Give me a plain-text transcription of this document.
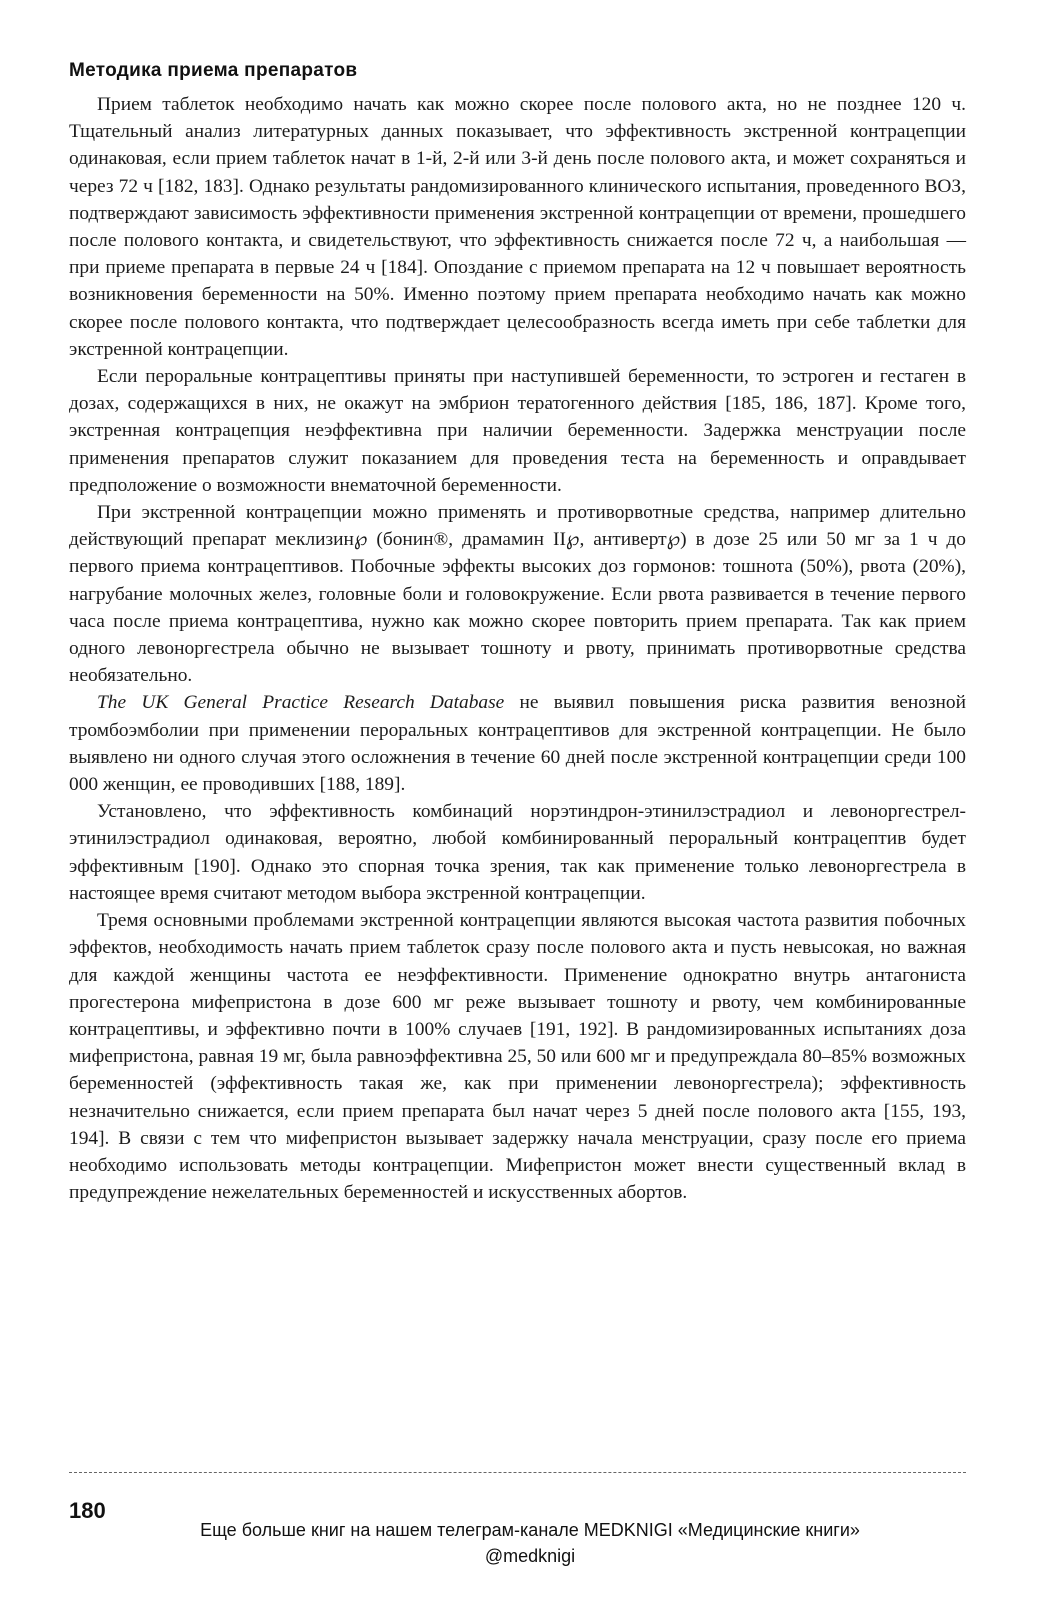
Методика приема препаратов

Прием таблеток необходимо начать как можно скорее после полового акта, но не позднее 120 ч. Тщательный анализ литературных данных показывает, что эффективность экстренной контрацепции одинаковая, если прием таблеток начат в 1-й, 2-й или 3-й день после полового акта, и может сохраняться и через 72 ч [182, 183]. Однако результаты рандомизированного клинического испытания, проведенного ВОЗ, подтверждают зависимость эффективности применения экстренной контрацепции от времени, прошедшего после полового контакта, и свидетельствуют, что эффективность снижается после 72 ч, а наибольшая — при приеме препарата в первые 24 ч [184]. Опоздание с приемом препарата на 12 ч повышает вероятность возникновения беременности на 50%. Именно поэтому прием препарата необходимо начать как можно скорее после полового контакта, что подтверждает целесообразность всегда иметь при себе таблетки для экстренной контрацепции.

Если пероральные контрацептивы приняты при наступившей беременности, то эстроген и гестаген в дозах, содержащихся в них, не окажут на эмбрион тератогенного действия [185, 186, 187]. Кроме того, экстренная контрацепция неэффективна при наличии беременности. Задержка менструации после применения препаратов служит показанием для проведения теста на беременность и оправдывает предположение о возможности внематочной беременности.

При экстренной контрацепции можно применять и противорвотные средства, например длительно действующий препарат меклизин℘ (бонин®, драмамин II℘, антиверт℘) в дозе 25 или 50 мг за 1 ч до первого приема контрацептивов. Побочные эффекты высоких доз гормонов: тошнота (50%), рвота (20%), нагрубание молочных желез, головные боли и головокружение. Если рвота развивается в течение первого часа после приема контрацептива, нужно как можно скорее повторить прием препарата. Так как прием одного левоноргестрела обычно не вызывает тошноту и рвоту, принимать противорвотные средства необязательно.

The UK General Practice Research Database не выявил повышения риска развития венозной тромбоэмболии при применении пероральных контрацептивов для экстренной контрацепции. Не было выявлено ни одного случая этого осложнения в течение 60 дней после экстренной контрацепции среди 100 000 женщин, ее проводивших [188, 189].

Установлено, что эффективность комбинаций норэтиндрон-этинилэстрадиол и левоноргестрел-этинилэстрадиол одинаковая, вероятно, любой комбинированный пероральный контрацептив будет эффективным [190]. Однако это спорная точка зрения, так как применение только левоноргестрела в настоящее время считают методом выбора экстренной контрацепции.

Тремя основными проблемами экстренной контрацепции являются высокая частота развития побочных эффектов, необходимость начать прием таблеток сразу после полового акта и пусть невысокая, но важная для каждой женщины частота ее неэффективности. Применение однократно внутрь антагониста прогестерона мифепристона в дозе 600 мг реже вызывает тошноту и рвоту, чем комбинированные контрацептивы, и эффективно почти в 100% случаев [191, 192]. В рандомизированных испытаниях доза мифепристона, равная 19 мг, была равноэффективна 25, 50 или 600 мг и предупреждала 80–85% возможных беременностей (эффективность такая же, как при применении левоноргестрела); эффективность незначительно снижается, если прием препарата был начат через 5 дней после полового акта [155, 193, 194]. В связи с тем что мифепристон вызывает задержку начала менструации, сразу после его приема необходимо использовать методы контрацепции. Мифепристон может внести существенный вклад в предупреждение нежелательных беременностей и искусственных абортов.

180
Еще больше книг на нашем телеграм-канале MEDKNIGI «Медицинские книги»
@medknigi
